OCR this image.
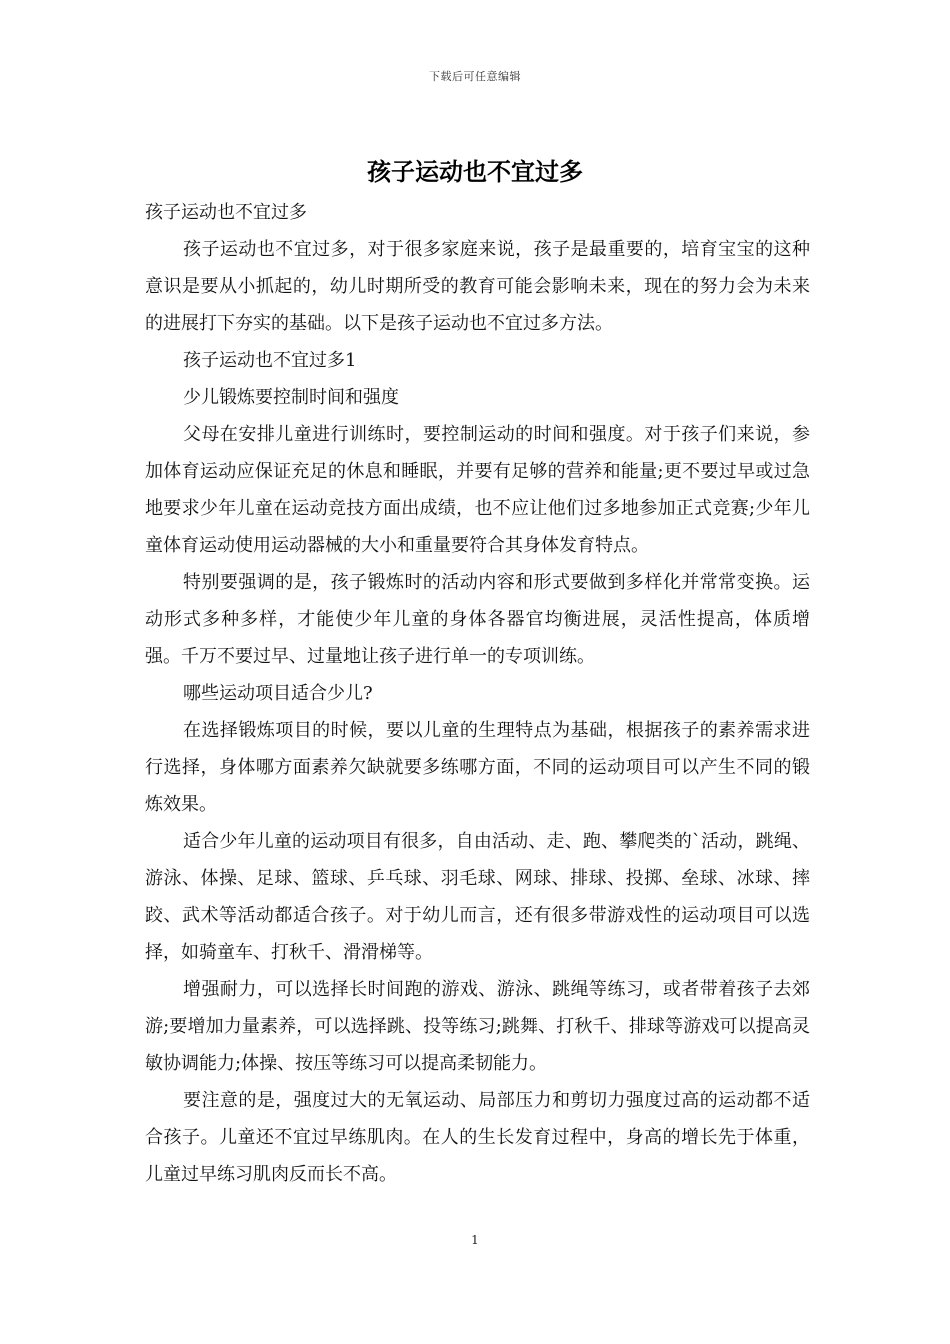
下载后可任意编辑
孩子运动也不宜过多

孩子运动也不宜过多

孩子运动也不宜过多，对于很多家庭来说，孩子是最重要的，培育宝宝的这种意识是要从小抓起的，幼儿时期所受的教育可能会影响未来，现在的努力会为未来的进展打下夯实的基础。以下是孩子运动也不宜过多方法。

孩子运动也不宜过多1

少儿锻炼要控制时间和强度

父母在安排儿童进行训练时，要控制运动的时间和强度。对于孩子们来说，参加体育运动应保证充足的休息和睡眠，并要有足够的营养和能量;更不要过早或过急地要求少年儿童在运动竞技方面出成绩，也不应让他们过多地参加正式竞赛;少年儿童体育运动使用运动器械的大小和重量要符合其身体发育特点。

特别要强调的是，孩子锻炼时的活动内容和形式要做到多样化并常常变换。运动形式多种多样，才能使少年儿童的身体各器官均衡进展，灵活性提高，体质增强。千万不要过早、过量地让孩子进行单一的专项训练。

哪些运动项目适合少儿?

在选择锻炼项目的时候，要以儿童的生理特点为基础，根据孩子的素养需求进行选择，身体哪方面素养欠缺就要多练哪方面，不同的运动项目可以产生不同的锻炼效果。

适合少年儿童的运动项目有很多，自由活动、走、跑、攀爬类的`活动，跳绳、游泳、体操、足球、篮球、乒乓球、羽毛球、网球、排球、投掷、垒球、冰球、摔跤、武术等活动都适合孩子。对于幼儿而言，还有很多带游戏性的运动项目可以选择，如骑童车、打秋千、滑滑梯等。

增强耐力，可以选择长时间跑的游戏、游泳、跳绳等练习，或者带着孩子去郊游;要增加力量素养，可以选择跳、投等练习;跳舞、打秋千、排球等游戏可以提高灵敏协调能力;体操、按压等练习可以提高柔韧能力。

要注意的是，强度过大的无氧运动、局部压力和剪切力强度过高的运动都不适合孩子。儿童还不宜过早练肌肉。在人的生长发育过程中，身高的增长先于体重，儿童过早练习肌肉反而长不高。

1
